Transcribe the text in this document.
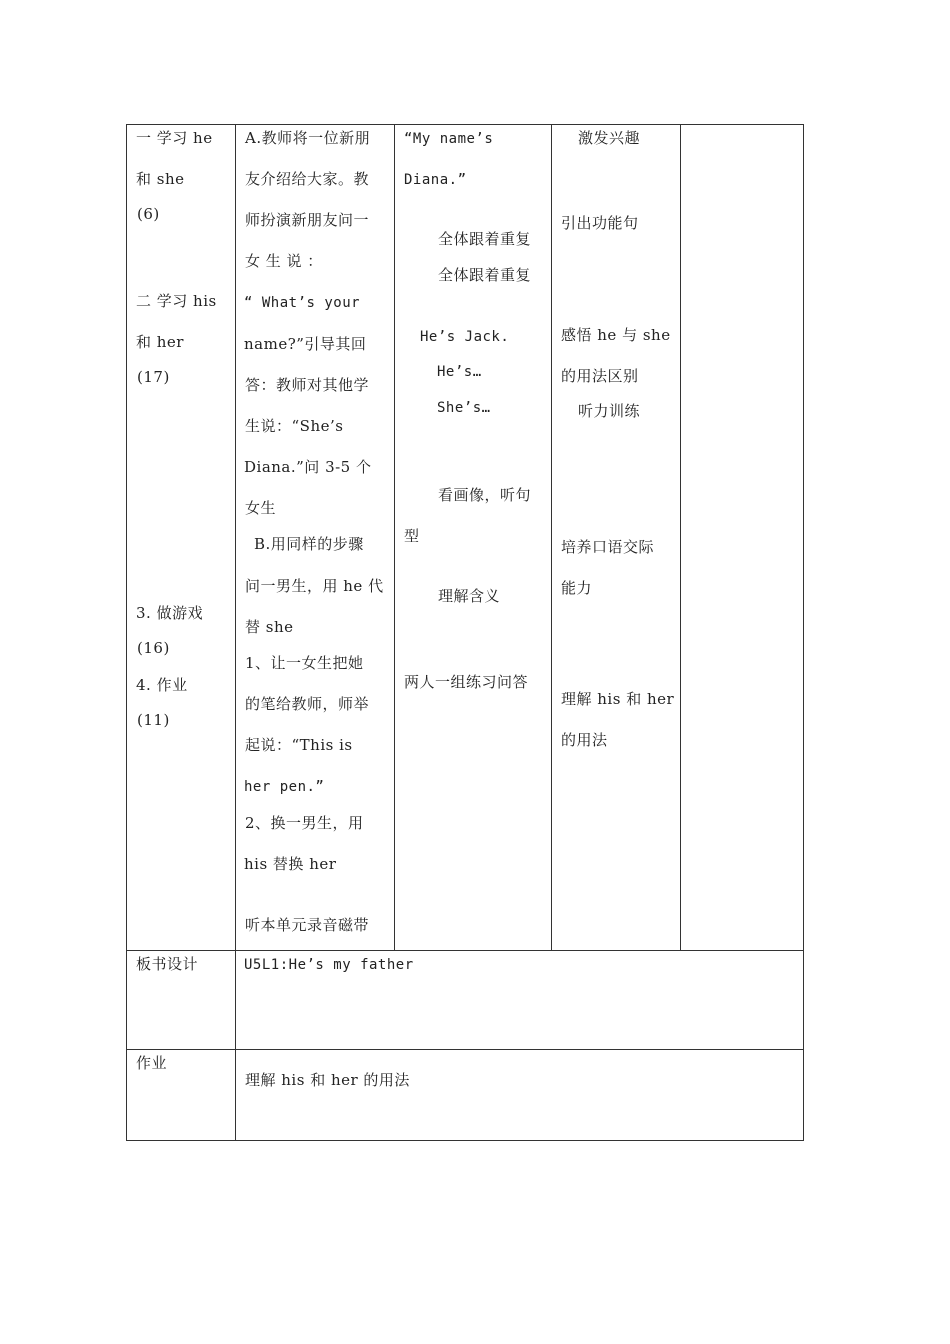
一 学习 he
和 she
(6)
二 学习 his
和 her
(17)
3. 做游戏
(16)
4. 作业
(11)
A.教师将一位新朋
友介绍给大家。教
师扮演新朋友问一
女 生 说 ：
“ What’s your
name?”引导其回
答：教师对其他学
生说：“She’s
Diana.”问 3-5 个
女生
B.用同样的步骤
问一男生，用 he 代
替 she
1、让一女生把她
的笔给教师，师举
起说：“This is
her pen.”
2、换一男生，用
his 替换 her
听本单元录音磁带
“My name’s
Diana.”
全体跟着重复
全体跟着重复
He’s Jack.
He’s…
She’s…
看画像，听句
型
理解含义
两人一组练习问答
激发兴趣
引出功能句
感悟 he 与 she
的用法区别
听力训练
培养口语交际
能力
理解 his 和 her
的用法
板书设计	U5L1:He’s my father
作业
理解 his 和 her 的用法
